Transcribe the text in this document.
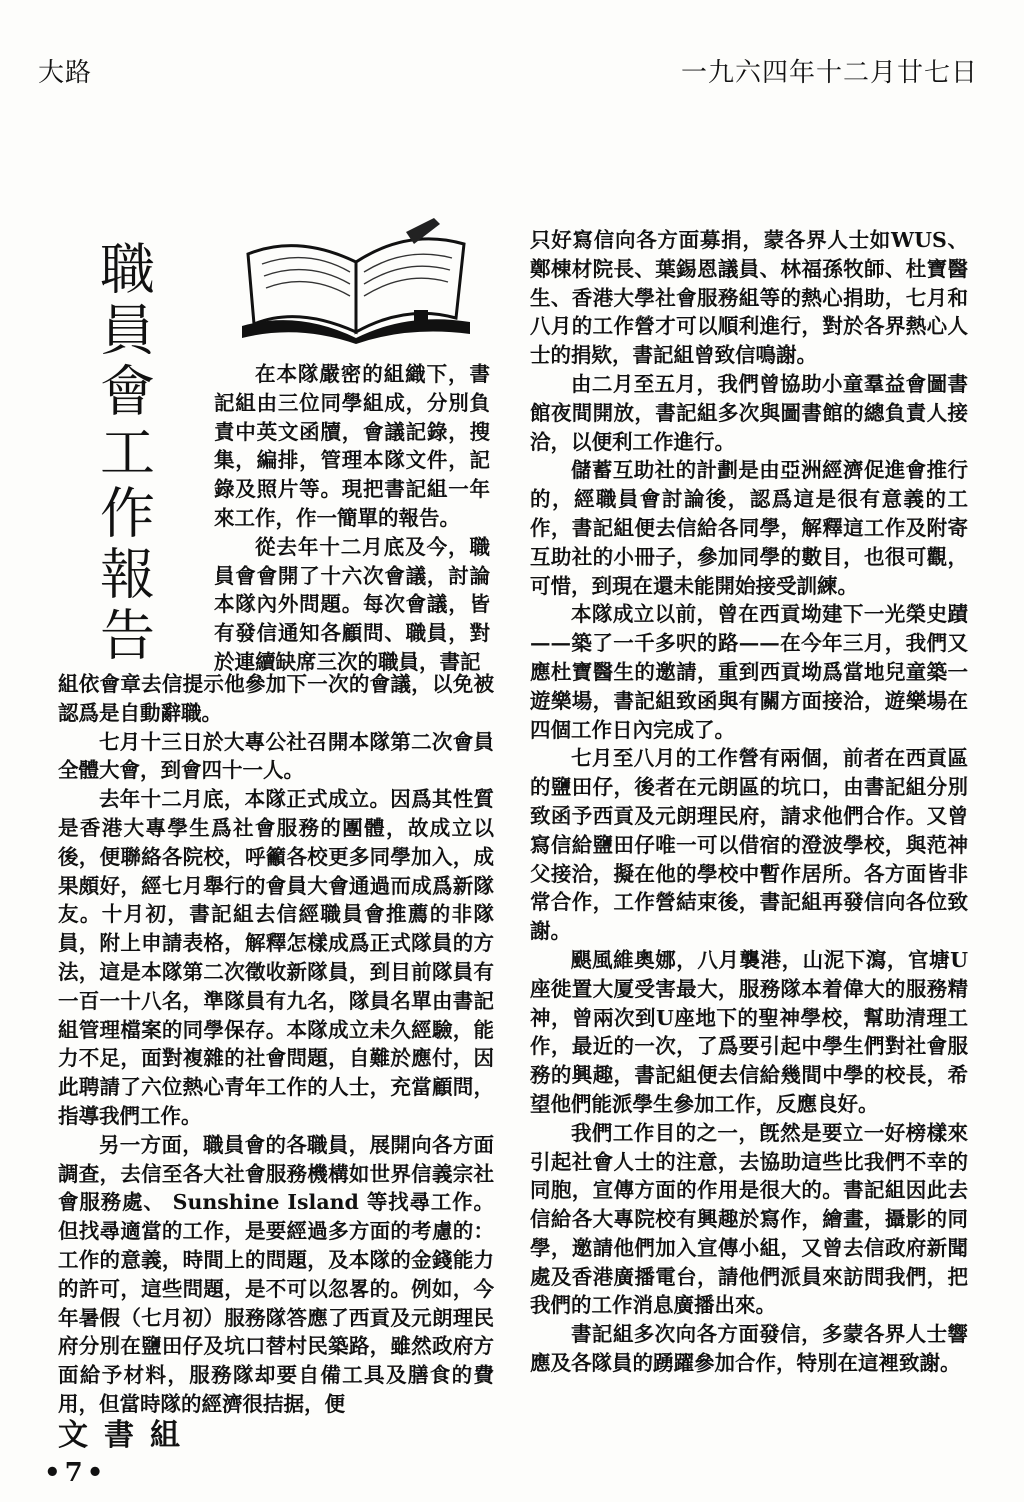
大路	一九六四年十二月廿七日
職員會工作報告	在本隊嚴密的組織下，書記組由三位同學組成，分別負責中英文函牘，會議記錄，搜集，編排，管理本隊文件，記錄及照片等。現把書記組一年來工作，作一簡單的報告。

從去年十二月底及今，職員會會開了十六次會議，討論本隊內外問題。每次會議，皆有發信通知各顧問、職員，對於連續缺席三次的職員，書記

組依會章去信提示他參加下一次的會議，以免被認爲是自動辭職。

七月十三日於大專公社召開本隊第二次會員全體大會，到會四十一人。

去年十二月底，本隊正式成立。因爲其性質是香港大專學生爲社會服務的團體，故成立以後，便聯絡各院校，呼籲各校更多同學加入，成果頗好，經七月舉行的會員大會通過而成爲新隊友。十月初，書記組去信經職員會推薦的非隊員，附上申請表格，解釋怎樣成爲正式隊員的方法，這是本隊第二次徵收新隊員，到目前隊員有一百一十八名，準隊員有九名，隊員名單由書記組管理檔案的同學保存。本隊成立未久經驗，能力不足，面對複雜的社會問題，自難於應付，因此聘請了六位熱心青年工作的人士，充當顧問，指導我們工作。

另一方面，職員會的各職員，展開向各方面調查，去信至各大社會服務機構如世界信義宗社會服務處、 Sunshine Island 等找尋工作。但找尋適當的工作，是要經過多方面的考慮的：工作的意義，時間上的問題，及本隊的金錢能力的許可，這些問題，是不可以忽畧的。例如，今年暑假（七月初）服務隊答應了西貢及元朗理民府分別在鹽田仔及坑口替村民築路，雖然政府方面給予材料，服務隊却要自備工具及膳食的費用，但當時隊的經濟很拮据，便

只好寫信向各方面募捐，蒙各界人士如WUS、鄭棟材院長、葉錫恩議員、林福孫牧師、杜寶醫生、香港大學社會服務組等的熱心捐助，七月和八月的工作營才可以順利進行，對於各界熱心人士的捐欵，書記組曾致信鳴謝。

由二月至五月，我們曾協助小童羣益會圖書館夜間開放，書記組多次與圖書館的總負責人接洽，以便利工作進行。

儲蓄互助社的計劃是由亞洲經濟促進會推行的，經職員會討論後，認爲這是很有意義的工作，書記組便去信給各同學，解釋這工作及附寄互助社的小冊子，參加同學的數目，也很可觀，可惜，到現在還未能開始接受訓練。

本隊成立以前，曾在西貢坳建下一光榮史蹟——築了一千多呎的路——在今年三月，我們又應杜寶醫生的邀請，重到西貢坳爲當地兒童築一遊樂場，書記組致函與有關方面接洽，遊樂場在四個工作日內完成了。

七月至八月的工作營有兩個，前者在西貢區的鹽田仔，後者在元朗區的坑口，由書記組分別致函予西貢及元朗理民府，請求他們合作。又曾寫信給鹽田仔唯一可以借宿的澄波學校，與范神父接洽，擬在他的學校中暫作居所。各方面皆非常合作，工作營結束後，書記組再發信向各位致謝。

颶風維奧娜，八月襲港，山泥下瀉，官塘U座徙置大厦受害最大，服務隊本着偉大的服務精神，曾兩次到U座地下的聖神學校，幫助清理工作，最近的一次，了爲要引起中學生們對社會服務的興趣，書記組便去信給幾間中學的校長，希望他們能派學生參加工作，反應良好。

我們工作目的之一，旣然是要立一好榜樣來引起社會人士的注意，去協助這些比我們不幸的同胞，宣傳方面的作用是很大的。書記組因此去信給各大專院校有興趣於寫作，繪畫，攝影的同學，邀請他們加入宣傳小組，又曾去信政府新聞處及香港廣播電台，請他們派員來訪問我們，把我們的工作消息廣播出來。

書記組多次向各方面發信，多蒙各界人士響應及各隊員的踴躍參加合作，特別在這裡致謝。

文書組
•7•
